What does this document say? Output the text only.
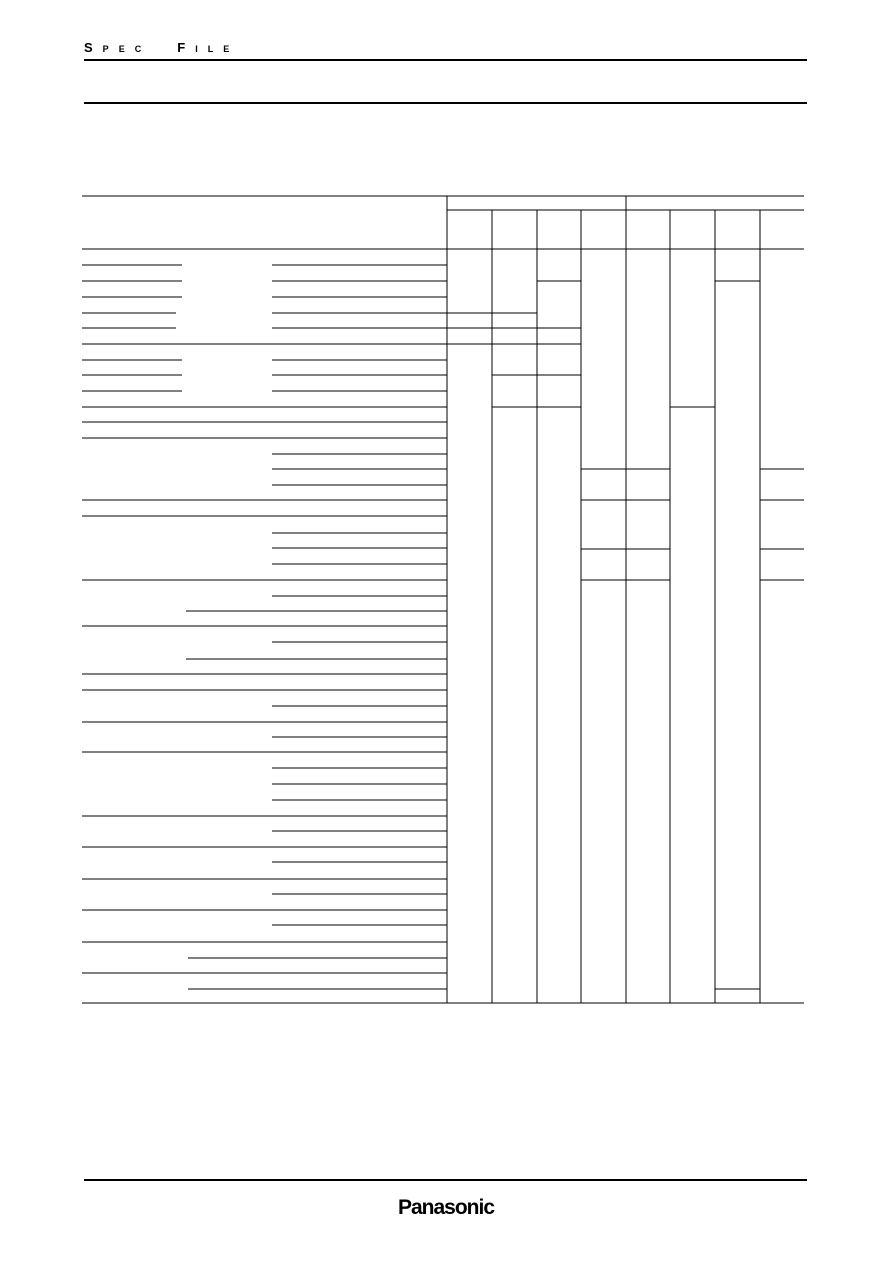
S P E C	F I L E
Panasonic
